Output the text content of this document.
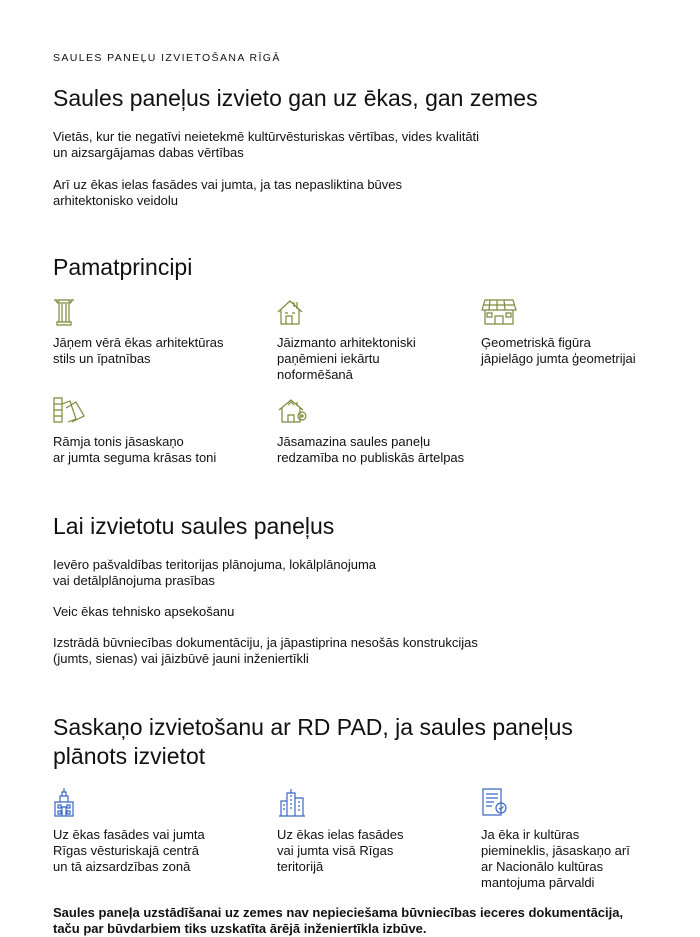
SAULES PANEĻU IZVIETOŠANA RĪGĀ
Saules paneļus izvieto gan uz ēkas, gan zemes
Vietās, kur tie negatīvi neietekmē kultūrvēsturiskas vērtības, vides kvalitāti
un aizsargājamas dabas vērtības
Arī uz ēkas ielas fasādes vai jumta, ja tas nepasliktina būves
arhitektonisko veidolu
Pamatprincipi
Jāņem vērā ēkas arhitektūras
stils un īpatnības
Jāizmanto arhitektoniski
paņēmieni iekārtu
noformēšanā
Ģeometriskā figūra
jāpielāgo jumta ģeometrijai
Rāmja tonis jāsaskaņo
ar jumta seguma krāsas toni
Jāsamazina saules paneļu
redzamība no publiskās ārtelpas
Lai izvietotu saules paneļus
Ievēro pašvaldības teritorijas plānojuma, lokālplānojuma
vai detālplānojuma prasības
Veic ēkas tehnisko apsekošanu
Izstrādā būvniecības dokumentāciju, ja jāpastiprina nesošās konstrukcijas
(jumts, sienas) vai jāizbūvē jauni inženiertīkli
Saskaņo izvietošanu ar RD PAD, ja saules paneļus
plānots izvietot
Uz ēkas fasādes vai jumta
Rīgas vēsturiskajā centrā
un tā aizsardzības zonā
Uz ēkas ielas fasādes
vai jumta visā Rīgas
teritorijā
Ja ēka ir kultūras
piemineklis, jāsaskaņo arī
ar Nacionālo kultūras
mantojuma pārvaldi
Saules paneļa uzstādīšanai uz zemes nav nepieciešama būvniecības ieceres dokumentācija,
taču par būvdarbiem tiks uzskatīta ārējā inženiertīkla izbūve.
